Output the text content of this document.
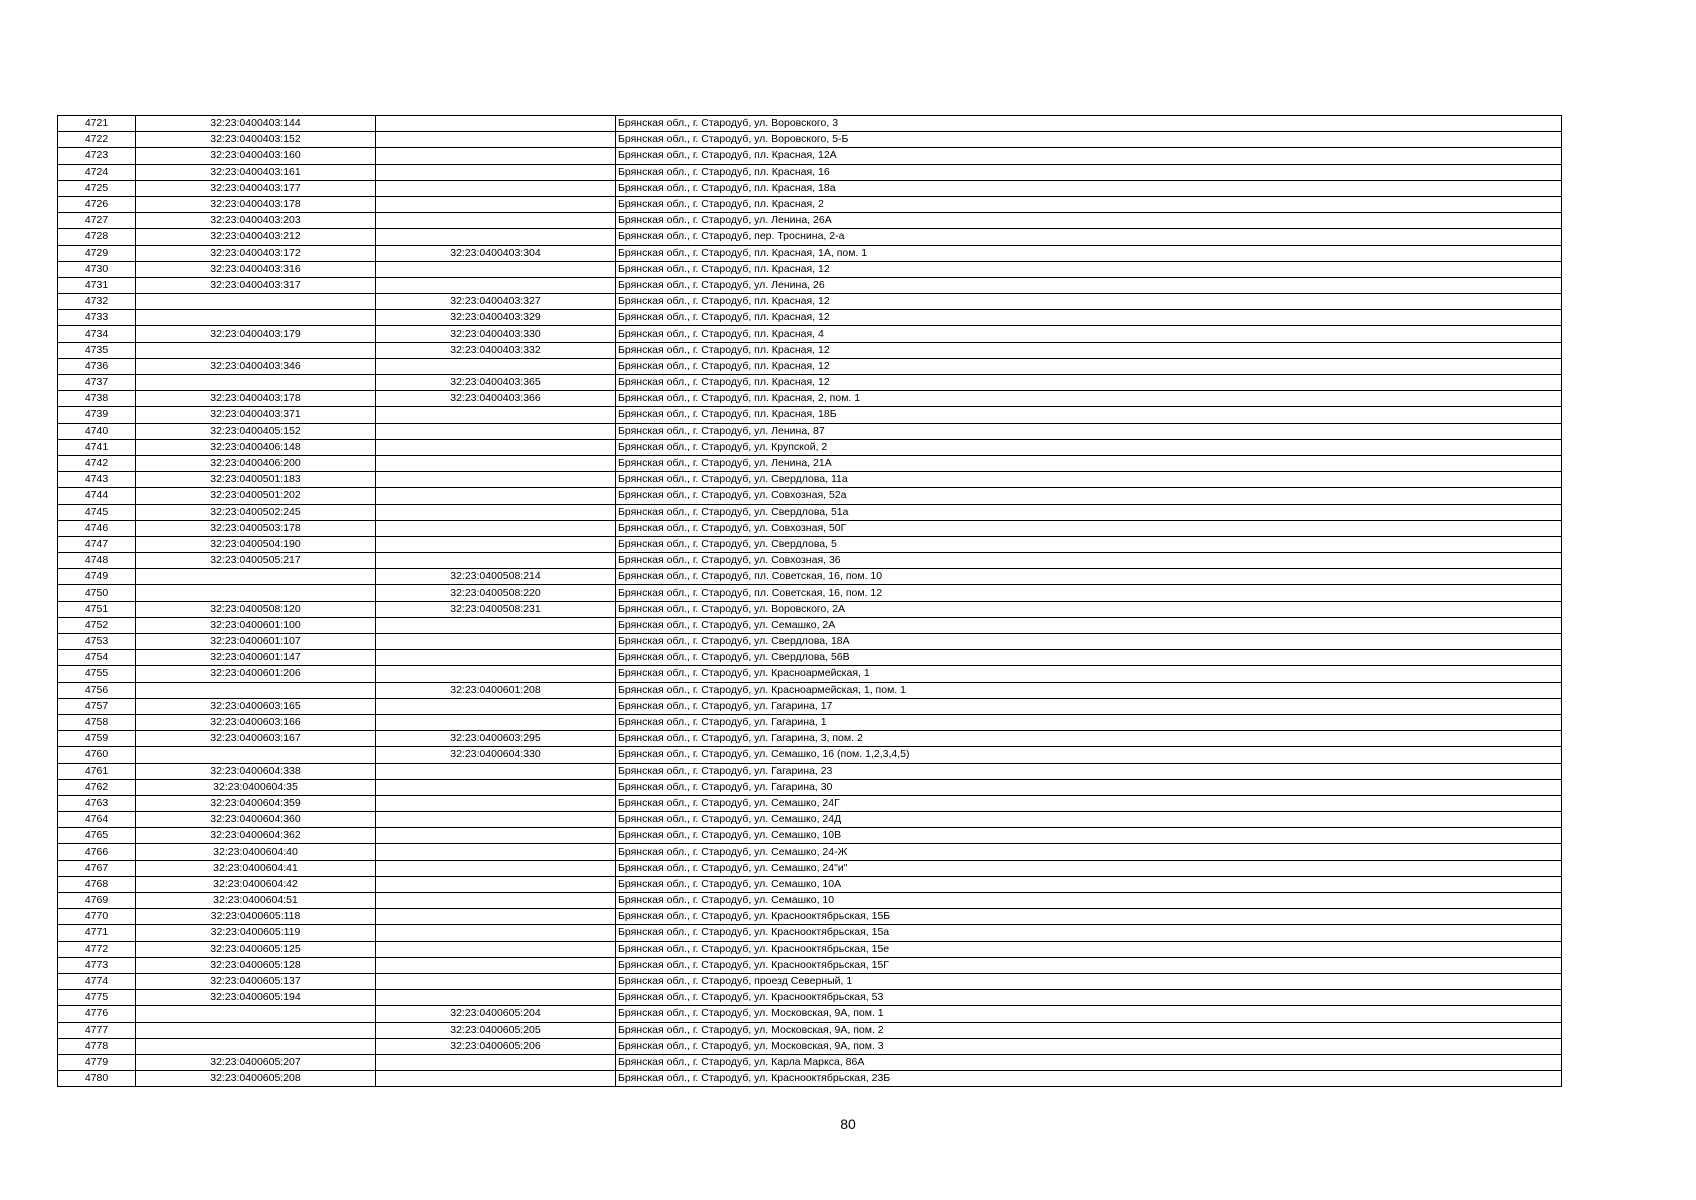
4721	32:23:0400403:144		Брянская обл., г. Стародуб, ул. Воровского, 3
4722	32:23:0400403:152		Брянская обл., г. Стародуб, ул. Воровского, 5-Б
4723	32:23:0400403:160		Брянская обл., г. Стародуб, пл. Красная, 12А
4724	32:23:0400403:161		Брянская обл., г. Стародуб, пл. Красная, 16
4725	32:23:0400403:177		Брянская обл., г. Стародуб, пл. Красная, 18а
4726	32:23:0400403:178		Брянская обл., г. Стародуб, пл. Красная, 2
4727	32:23:0400403:203		Брянская обл., г. Стародуб, ул. Ленина, 26А
4728	32:23:0400403:212		Брянская обл., г. Стародуб, пер. Троснина, 2-а
4729	32:23:0400403:172	32:23:0400403:304	Брянская обл., г. Стародуб, пл. Красная, 1А, пом. 1
4730	32:23:0400403:316		Брянская обл., г. Стародуб, пл. Красная, 12
4731	32:23:0400403:317		Брянская обл., г. Стародуб, ул. Ленина, 26
4732		32:23:0400403:327	Брянская обл., г. Стародуб, пл. Красная, 12
4733		32:23:0400403:329	Брянская обл., г. Стародуб, пл. Красная, 12
4734	32:23:0400403:179	32:23:0400403:330	Брянская обл., г. Стародуб, пл. Красная, 4
4735		32:23:0400403:332	Брянская обл., г. Стародуб, пл. Красная, 12
4736	32:23:0400403:346		Брянская обл., г. Стародуб, пл. Красная, 12
4737		32:23:0400403:365	Брянская обл., г. Стародуб, пл. Красная, 12
4738	32:23:0400403:178	32:23:0400403:366	Брянская обл., г. Стародуб, пл. Красная, 2, пом. 1
4739	32:23:0400403:371		Брянская обл., г. Стародуб, пл. Красная, 18Б
4740	32:23:0400405:152		Брянская обл., г. Стародуб, ул. Ленина, 87
4741	32:23:0400406:148		Брянская обл., г. Стародуб, ул. Крупской, 2
4742	32:23:0400406:200		Брянская обл., г. Стародуб, ул. Ленина, 21А
4743	32:23:0400501:183		Брянская обл., г. Стародуб, ул. Свердлова, 11а
4744	32:23:0400501:202		Брянская обл., г. Стародуб, ул. Совхозная, 52а
4745	32:23:0400502:245		Брянская обл., г. Стародуб, ул. Свердлова, 51а
4746	32:23:0400503:178		Брянская обл., г. Стародуб, ул. Совхозная, 50Г
4747	32:23:0400504:190		Брянская обл., г. Стародуб, ул. Свердлова, 5
4748	32:23:0400505:217		Брянская обл., г. Стародуб, ул. Совхозная, 36
4749		32:23:0400508:214	Брянская обл., г. Стародуб, пл. Советская, 16, пом. 10
4750		32:23:0400508:220	Брянская обл., г. Стародуб, пл. Советская, 16, пом. 12
4751	32:23:0400508:120	32:23:0400508:231	Брянская обл., г. Стародуб, ул. Воровского, 2А
4752	32:23:0400601:100		Брянская обл., г. Стародуб, ул. Семашко, 2А
4753	32:23:0400601:107		Брянская обл., г. Стародуб, ул. Свердлова, 18А
4754	32:23:0400601:147		Брянская обл., г. Стародуб, ул. Свердлова, 56В
4755	32:23:0400601:206		Брянская обл., г. Стародуб, ул. Красноармейская, 1
4756		32:23:0400601:208	Брянская обл., г. Стародуб, ул. Красноармейская, 1, пом. 1
4757	32:23:0400603:165		Брянская обл., г. Стародуб, ул. Гагарина, 17
4758	32:23:0400603:166		Брянская обл., г. Стародуб, ул. Гагарина, 1
4759	32:23:0400603:167	32:23:0400603:295	Брянская обл., г. Стародуб, ул. Гагарина, 3, пом. 2
4760		32:23:0400604:330	Брянская обл., г. Стародуб, ул. Семашко, 16 (пом. 1,2,3,4,5)
4761	32:23:0400604:338		Брянская обл., г. Стародуб, ул. Гагарина, 23
4762	32:23:0400604:35		Брянская обл., г. Стародуб, ул. Гагарина, 30
4763	32:23:0400604:359		Брянская обл., г. Стародуб, ул. Семашко, 24Г
4764	32:23:0400604:360		Брянская обл., г. Стародуб, ул. Семашко, 24Д
4765	32:23:0400604:362		Брянская обл., г. Стародуб, ул. Семашко, 10В
4766	32:23:0400604:40		Брянская обл., г. Стародуб, ул. Семашко, 24-Ж
4767	32:23:0400604:41		Брянская обл., г. Стародуб, ул. Семашко, 24"и"
4768	32:23:0400604:42		Брянская обл., г. Стародуб, ул. Семашко, 10А
4769	32:23:0400604:51		Брянская обл., г. Стародуб, ул. Семашко, 10
4770	32:23:0400605:118		Брянская обл., г. Стародуб, ул. Краснооктябрьская, 15Б
4771	32:23:0400605:119		Брянская обл., г. Стародуб, ул. Краснооктябрьская, 15а
4772	32:23:0400605:125		Брянская обл., г. Стародуб, ул. Краснооктябрьская, 15е
4773	32:23:0400605:128		Брянская обл., г. Стародуб, ул. Краснооктябрьская, 15Г
4774	32:23:0400605:137		Брянская обл., г. Стародуб, проезд Северный, 1
4775	32:23:0400605:194		Брянская обл., г. Стародуб, ул. Краснооктябрьская, 53
4776		32:23:0400605:204	Брянская обл., г. Стародуб, ул. Московская, 9А, пом. 1
4777		32:23:0400605:205	Брянская обл., г. Стародуб, ул. Московская, 9А, пом. 2
4778		32:23:0400605:206	Брянская обл., г. Стародуб, ул. Московская, 9А, пом. 3
4779	32:23:0400605:207		Брянская обл., г. Стародуб, ул. Карла Маркса, 86А
4780	32:23:0400605:208		Брянская обл., г. Стародуб, ул. Краснооктябрьская, 23Б
80
